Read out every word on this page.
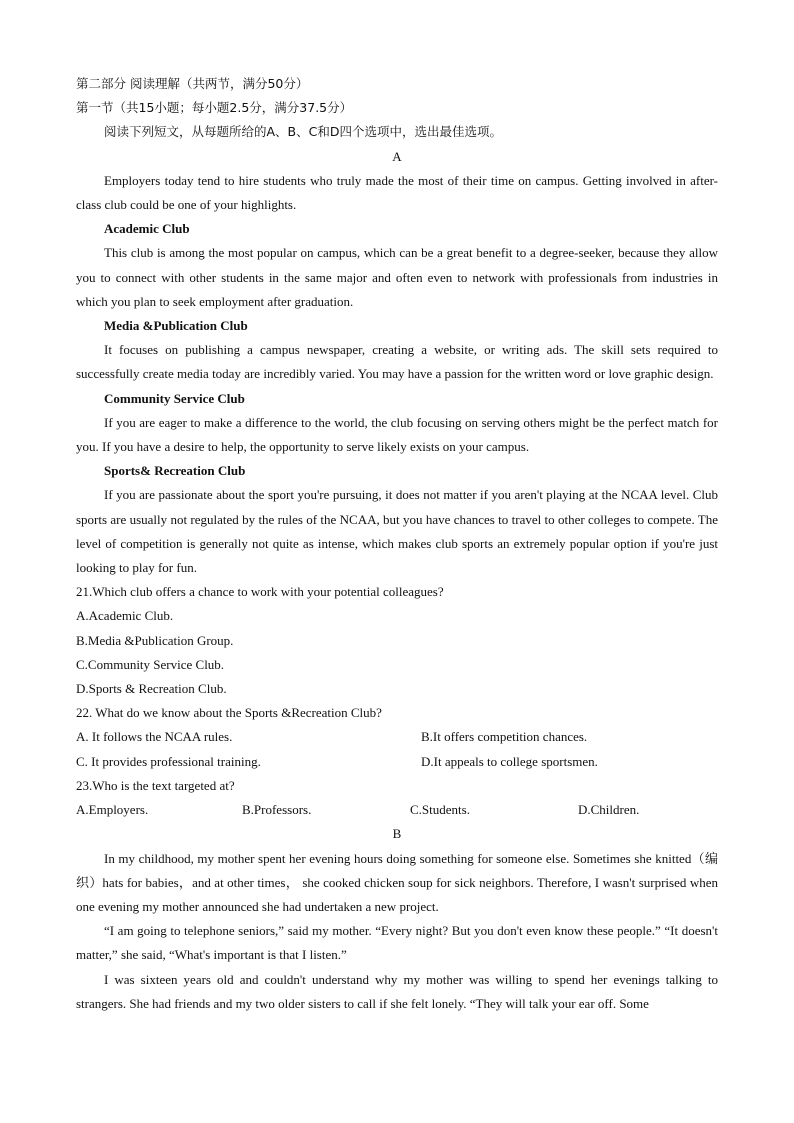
第二部分 阅读理解（共两节，满分50分）

第一节（共15小题；每小题2.5分，满分37.5分）

阅读下列短文，从每题所给的A、B、C和D四个选项中，选出最佳选项。

A

Employers today tend to hire students who truly made the most of their time on campus. Getting involved in after-class club could be one of your highlights.

Academic Club

This club is among the most popular on campus, which can be a great benefit to a degree-seeker, because they allow you to connect with other students in the same major and often even to network with professionals from industries in which you plan to seek employment after graduation.

Media &Publication Club

It focuses on publishing a campus newspaper, creating a website, or writing ads. The skill sets required to successfully create media today are incredibly varied. You may have a passion for the written word or love graphic design.

Community Service Club

If you are eager to make a difference to the world, the club focusing on serving others might be the perfect match for you. If you have a desire to help, the opportunity to serve likely exists on your campus.

Sports& Recreation Club

If you are passionate about the sport you're pursuing, it does not matter if you aren't playing at the NCAA level. Club sports are usually not regulated by the rules of the NCAA, but you have chances to travel to other colleges to compete. The level of competition is generally not quite as intense, which makes club sports an extremely popular option if you're just looking to play for fun.

21.Which club offers a chance to work with your potential colleagues?

A.Academic Club.

B.Media &Publication Group.

C.Community Service Club.

D.Sports & Recreation Club.

22. What do we know about the Sports &Recreation Club?

A. It follows the NCAA rules.	B.It offers competition chances.
C. It provides professional training.	D.It appeals to college sportsmen.

23.Who is the text targeted at?

A.Employers.	B.Professors.	C.Students.	D.Children.

B

In my childhood, my mother spent her evening hours doing something for someone else. Sometimes she knitted（编织）hats for babies，and at other times， she cooked chicken soup for sick neighbors. Therefore, I wasn't surprised when one evening my mother announced she had undertaken a new project.

“I am going to telephone seniors,” said my mother. “Every night? But you don't even know these people.” “It doesn't matter,” she said, “What's important is that I listen.”

I was sixteen years old and couldn't understand why my mother was willing to spend her evenings talking to strangers. She had friends and my two older sisters to call if she felt lonely. “They will talk your ear off. Some
